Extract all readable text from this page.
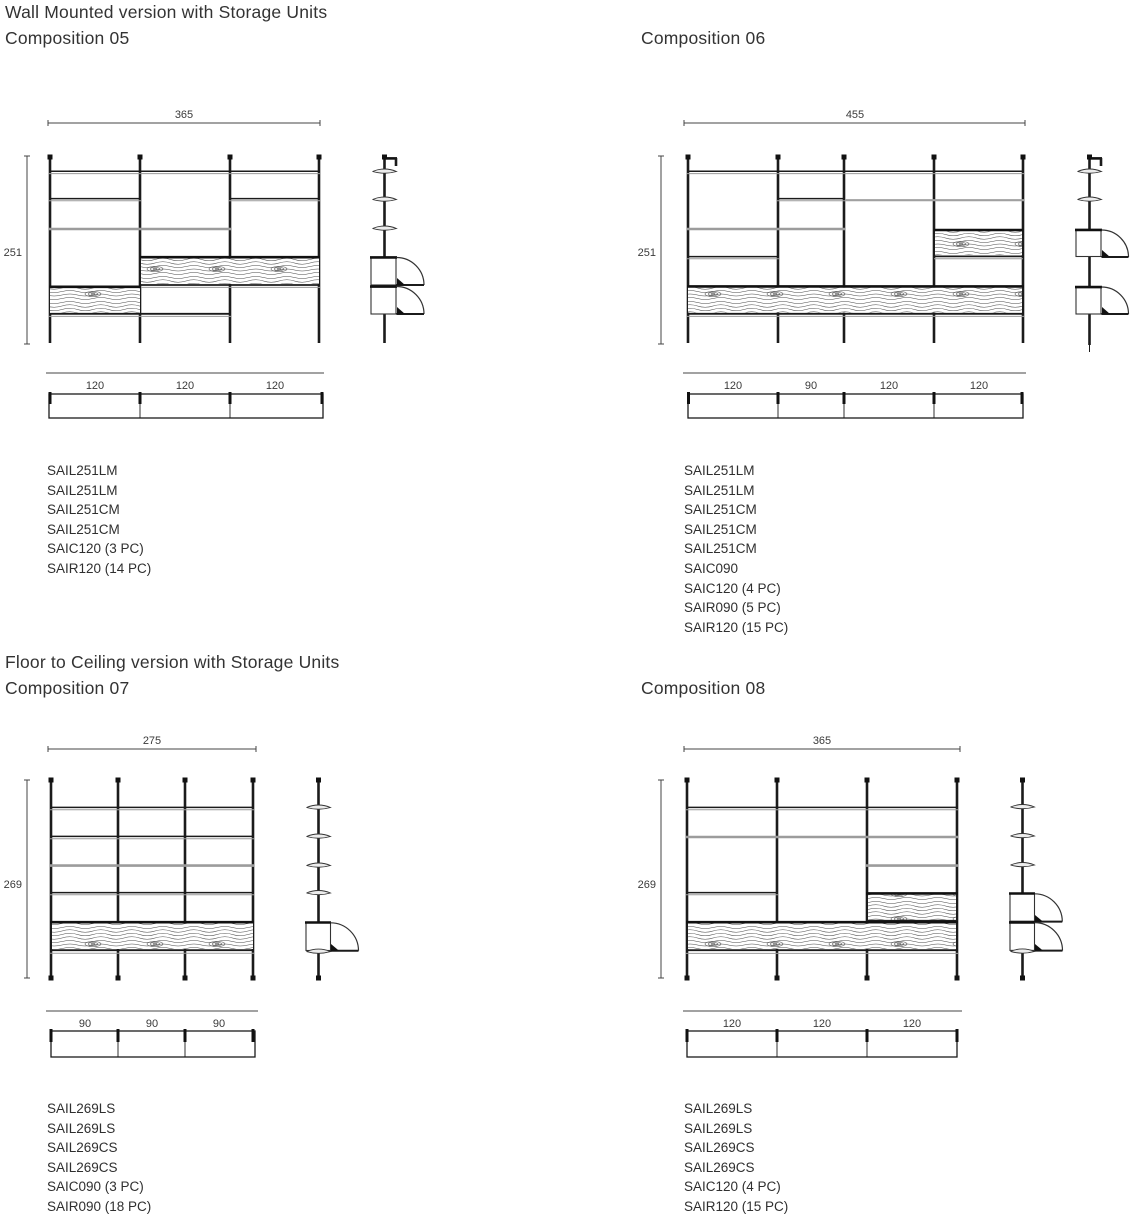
Wall Mounted version with Storage Units
Composition 05	Composition 06
Floor to Ceiling version with Storage Units
Composition 07	Composition 08
365
251
120	120	120
455
251
120	90	120	120
275
269
90	90	90
365
269
120	120	120
SAIL251LM
SAIL251LM
SAIL251CM
SAIL251CM
SAIC120 (3 PC)
SAIR120 (14 PC)
SAIL251LM
SAIL251LM
SAIL251CM
SAIL251CM
SAIL251CM
SAIC090
SAIC120 (4 PC)
SAIR090 (5 PC)
SAIR120 (15 PC)
SAIL269LS
SAIL269LS
SAIL269CS
SAIL269CS
SAIC090 (3 PC)
SAIR090 (18 PC)
SAIL269LS
SAIL269LS
SAIL269CS
SAIL269CS
SAIC120 (4 PC)
SAIR120 (15 PC)
